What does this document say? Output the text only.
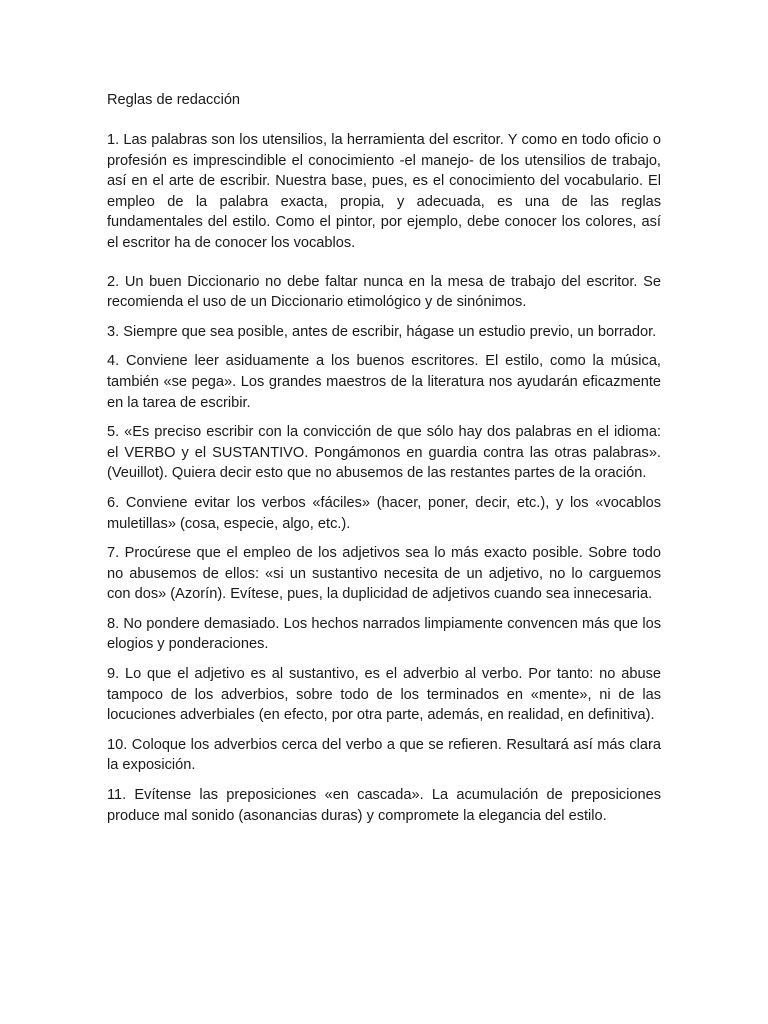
Reglas de redacción

1. Las palabras son los utensilios, la herramienta del escritor. Y como en todo oficio o profesión es imprescindible el conocimiento -el manejo- de los utensilios de trabajo, así en el arte de escribir. Nuestra base, pues, es el conocimiento del vocabulario. El empleo de la palabra exacta, propia, y adecuada, es una de las reglas fundamentales del estilo. Como el pintor, por ejemplo, debe conocer los colores, así el escritor ha de conocer los vocablos.

2. Un buen Diccionario no debe faltar nunca en la mesa de trabajo del escritor. Se recomienda el uso de un Diccionario etimológico y de sinónimos.

3. Siempre que sea posible, antes de escribir, hágase un estudio previo, un borrador.

4. Conviene leer asiduamente a los buenos escritores. El estilo, como la música, también «se pega». Los grandes maestros de la literatura nos ayudarán eficazmente en la tarea de escribir.

5. «Es preciso escribir con la convicción de que sólo hay dos palabras en el idioma: el VERBO y el SUSTANTIVO. Pongámonos en guardia contra las otras palabras». (Veuillot). Quiera decir esto que no abusemos de las restantes partes de la oración.

6. Conviene evitar los verbos «fáciles» (hacer, poner, decir, etc.), y los «vocablos muletillas» (cosa, especie, algo, etc.).

7. Procúrese que el empleo de los adjetivos sea lo más exacto posible. Sobre todo no abusemos de ellos: «si un sustantivo necesita de un adjetivo, no lo carguemos con dos» (Azorín). Evítese, pues, la duplicidad de adjetivos cuando sea innecesaria.

8. No pondere demasiado. Los hechos narrados limpiamente convencen más que los elogios y ponderaciones.

9. Lo que el adjetivo es al sustantivo, es el adverbio al verbo. Por tanto: no abuse tampoco de los adverbios, sobre todo de los terminados en «mente», ni de las locuciones adverbiales (en efecto, por otra parte, además, en realidad, en definitiva).

10. Coloque los adverbios cerca del verbo a que se refieren. Resultará así más clara la exposición.

11. Evítense las preposiciones «en cascada». La acumulación de preposiciones produce mal sonido (asonancias duras) y compromete la elegancia del estilo.
